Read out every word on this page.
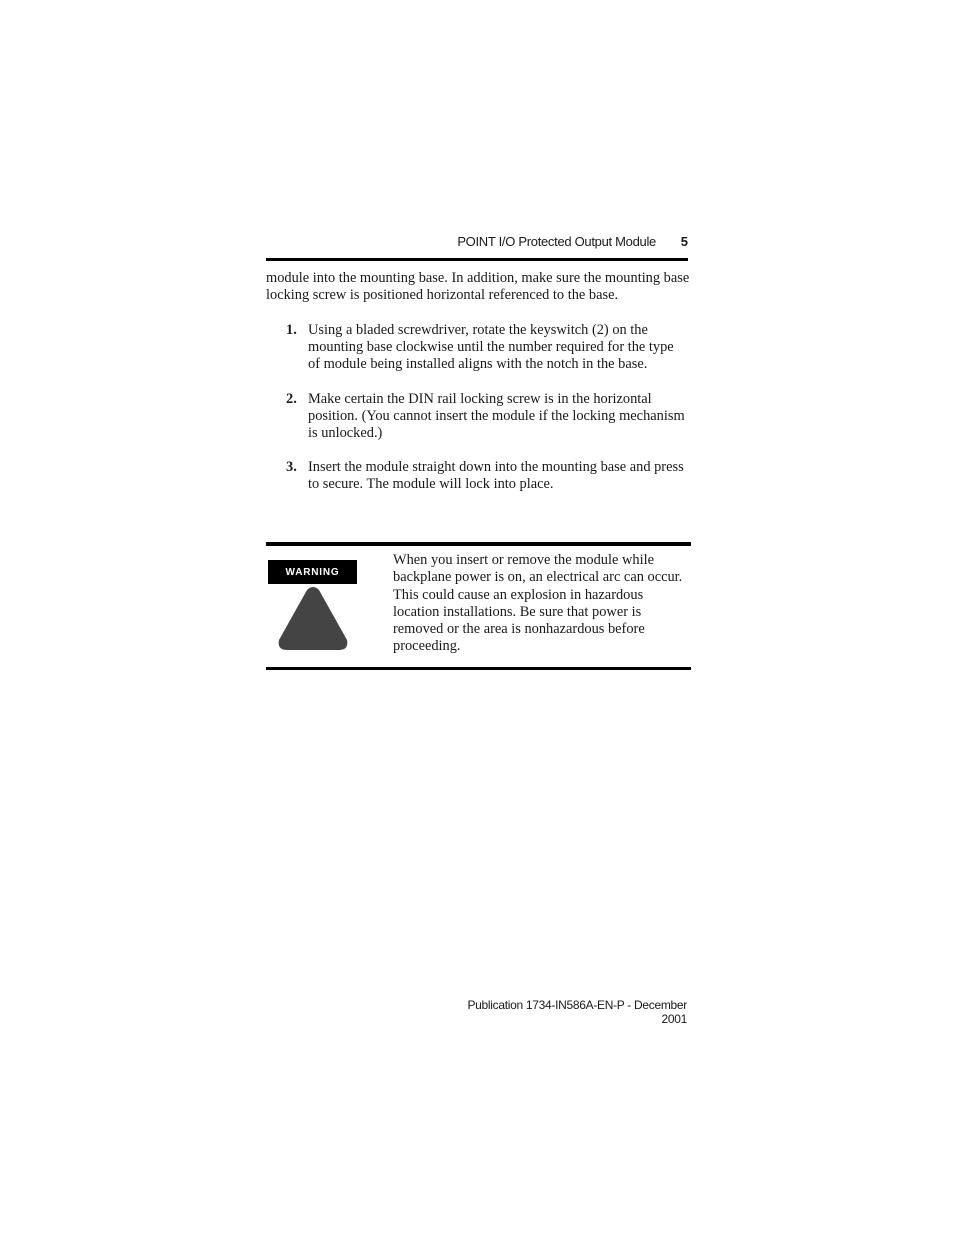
POINT I/O Protected Output Module	5

module into the mounting base. In addition, make sure the mounting base locking screw is positioned horizontal referenced to the base.

1. Using a bladed screwdriver, rotate the keyswitch (2) on the mounting base clockwise until the number required for the type of module being installed aligns with the notch in the base.
2. Make certain the DIN rail locking screw is in the horizontal position. (You cannot insert the module if the locking mechanism is unlocked.)
3. Insert the module straight down into the mounting base and press to secure. The module will lock into place.
WARNING

When you insert or remove the module while backplane power is on, an electrical arc can occur. This could cause an explosion in hazardous location installations. Be sure that power is removed or the area is nonhazardous before proceeding.

Publication 1734-IN586A-EN-P - December 2001
